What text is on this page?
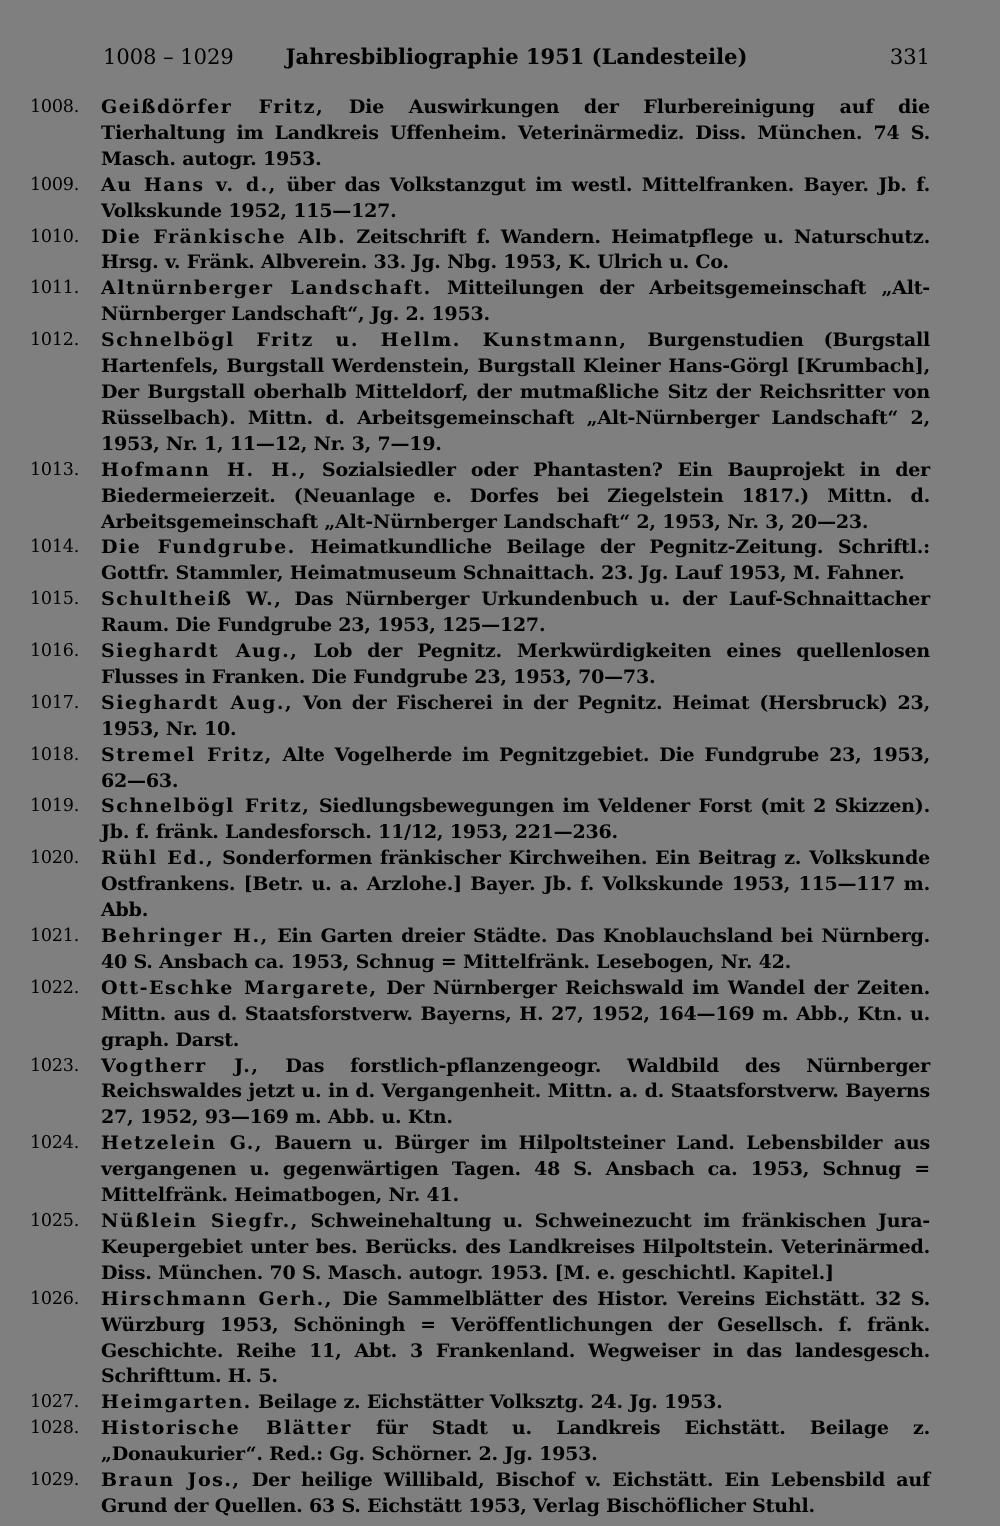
1008 – 1029	Jahresbibliographie 1951 (Landesteile)	331
1008.	Geißdörfer Fritz, Die Auswirkungen der Flurbereinigung auf die Tierhaltung im Landkreis Uffenheim. Veterinärmediz. Diss. München. 74 S. Masch. autogr. 1953.
1009.	Au Hans v. d., über das Volkstanzgut im westl. Mittelfranken. Bayer. Jb. f. Volkskunde 1952, 115—127.
1010.	Die Fränkische Alb. Zeitschrift f. Wandern. Heimatpflege u. Naturschutz. Hrsg. v. Fränk. Albverein. 33. Jg. Nbg. 1953, K. Ulrich u. Co.
1011.	Altnürnberger Landschaft. Mitteilungen der Arbeitsgemeinschaft „Alt-Nürnberger Landschaft“, Jg. 2. 1953.
1012.	Schnelbögl Fritz u. Hellm. Kunstmann, Burgenstudien (Burgstall Hartenfels, Burgstall Werdenstein, Burgstall Kleiner Hans-Görgl [Krumbach], Der Burgstall oberhalb Mitteldorf, der mutmaßliche Sitz der Reichsritter von Rüsselbach). Mittn. d. Arbeitsgemeinschaft „Alt-Nürnberger Landschaft“ 2, 1953, Nr. 1, 11—12, Nr. 3, 7—19.
1013.	Hofmann H. H., Sozialsiedler oder Phantasten? Ein Bauprojekt in der Biedermeierzeit. (Neuanlage e. Dorfes bei Ziegelstein 1817.) Mittn. d. Arbeitsgemeinschaft „Alt-Nürnberger Landschaft“ 2, 1953, Nr. 3, 20—23.
1014.	Die Fundgrube. Heimatkundliche Beilage der Pegnitz-Zeitung. Schriftl.: Gottfr. Stammler, Heimatmuseum Schnaittach. 23. Jg. Lauf 1953, M. Fahner.
1015.	Schultheiß W., Das Nürnberger Urkundenbuch u. der Lauf-Schnaittacher Raum. Die Fundgrube 23, 1953, 125—127.
1016.	Sieghardt Aug., Lob der Pegnitz. Merkwürdigkeiten eines quellenlosen Flusses in Franken. Die Fundgrube 23, 1953, 70—73.
1017.	Sieghardt Aug., Von der Fischerei in der Pegnitz. Heimat (Hersbruck) 23, 1953, Nr. 10.
1018.	Stremel Fritz, Alte Vogelherde im Pegnitzgebiet. Die Fundgrube 23, 1953, 62—63.
1019.	Schnelbögl Fritz, Siedlungsbewegungen im Veldener Forst (mit 2 Skizzen). Jb. f. fränk. Landesforsch. 11/12, 1953, 221—236.
1020.	Rühl Ed., Sonderformen fränkischer Kirchweihen. Ein Beitrag z. Volkskunde Ostfrankens. [Betr. u. a. Arzlohe.] Bayer. Jb. f. Volkskunde 1953, 115—117 m. Abb.
1021.	Behringer H., Ein Garten dreier Städte. Das Knoblauchsland bei Nürnberg. 40 S. Ansbach ca. 1953, Schnug = Mittelfränk. Lesebogen, Nr. 42.
1022.	Ott-Eschke Margarete, Der Nürnberger Reichswald im Wandel der Zeiten. Mittn. aus d. Staatsforstverw. Bayerns, H. 27, 1952, 164—169 m. Abb., Ktn. u. graph. Darst.
1023.	Vogtherr J., Das forstlich-pflanzengeogr. Waldbild des Nürnberger Reichswaldes jetzt u. in d. Vergangenheit. Mittn. a. d. Staatsforstverw. Bayerns 27, 1952, 93—169 m. Abb. u. Ktn.
1024.	Hetzelein G., Bauern u. Bürger im Hilpoltsteiner Land. Lebensbilder aus vergangenen u. gegenwärtigen Tagen. 48 S. Ansbach ca. 1953, Schnug = Mittelfränk. Heimatbogen, Nr. 41.
1025.	Nüßlein Siegfr., Schweinehaltung u. Schweinezucht im fränkischen Jura-Keupergebiet unter bes. Berücks. des Landkreises Hilpoltstein. Veterinärmed. Diss. München. 70 S. Masch. autogr. 1953. [M. e. geschichtl. Kapitel.]
1026.	Hirschmann Gerh., Die Sammelblätter des Histor. Vereins Eichstätt. 32 S. Würzburg 1953, Schöningh = Veröffentlichungen der Gesellsch. f. fränk. Geschichte. Reihe 11, Abt. 3 Frankenland. Wegweiser in das landesgesch. Schrifttum. H. 5.
1027.	Heimgarten. Beilage z. Eichstätter Volksztg. 24. Jg. 1953.
1028.	Historische Blätter für Stadt u. Landkreis Eichstätt. Beilage z. „Donaukurier“. Red.: Gg. Schörner. 2. Jg. 1953.
1029.	Braun Jos., Der heilige Willibald, Bischof v. Eichstätt. Ein Lebensbild auf Grund der Quellen. 63 S. Eichstätt 1953, Verlag Bischöflicher Stuhl.
